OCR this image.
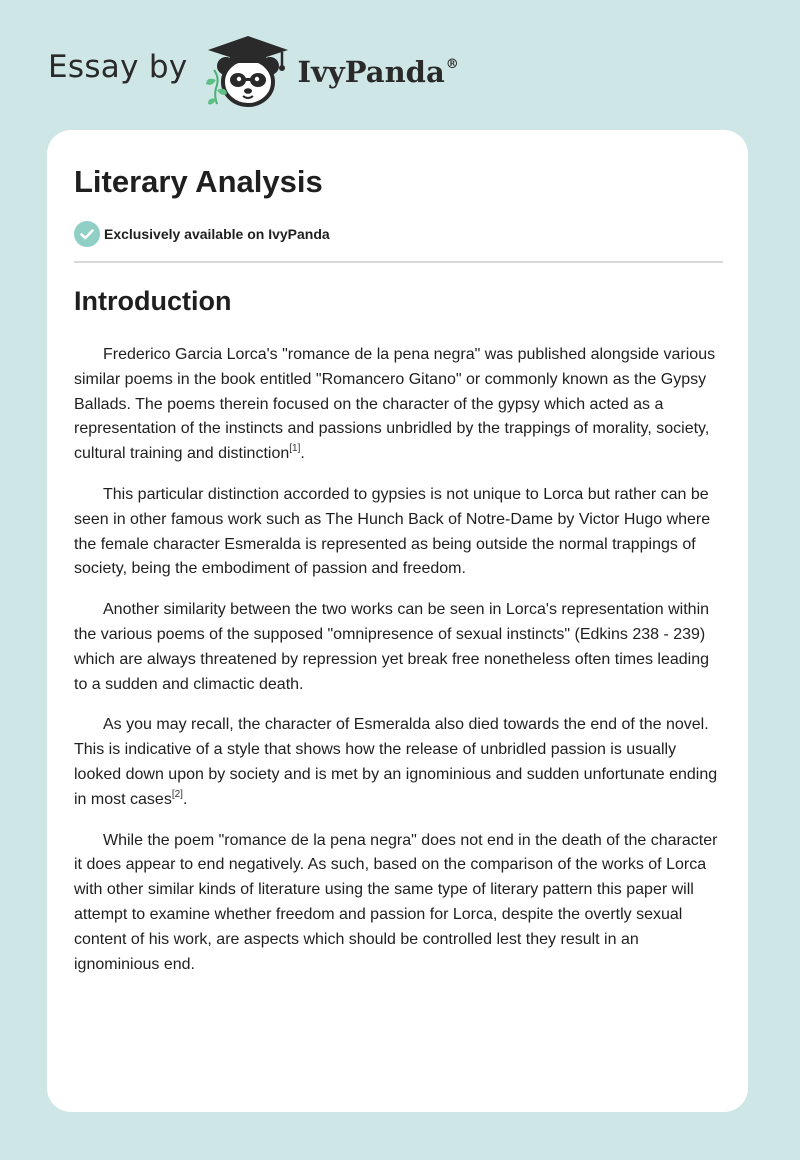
Essay by	IvyPanda®
Literary Analysis
Exclusively available on IvyPanda
Introduction

Frederico Garcia Lorca's "romance de la pena negra" was published alongside various similar poems in the book entitled "Romancero Gitano" or commonly known as the Gypsy Ballads. The poems therein focused on the character of the gypsy which acted as a representation of the instincts and passions unbridled by the trappings of morality, society, cultural training and distinction[1].

This particular distinction accorded to gypsies is not unique to Lorca but rather can be seen in other famous work such as The Hunch Back of Notre-Dame by Victor Hugo where the female character Esmeralda is represented as being outside the normal trappings of society, being the embodiment of passion and freedom.

Another similarity between the two works can be seen in Lorca's representation within the various poems of the supposed "omnipresence of sexual instincts" (Edkins 238 - 239) which are always threatened by repression yet break free nonetheless often times leading to a sudden and climactic death.

As you may recall, the character of Esmeralda also died towards the end of the novel. This is indicative of a style that shows how the release of unbridled passion is usually looked down upon by society and is met by an ignominious and sudden unfortunate ending in most cases[2].

While the poem "romance de la pena negra" does not end in the death of the character it does appear to end negatively. As such, based on the comparison of the works of Lorca with other similar kinds of literature using the same type of literary pattern this paper will attempt to examine whether freedom and passion for Lorca, despite the overtly sexual content of his work, are aspects which should be controlled lest they result in an ignominious end.
